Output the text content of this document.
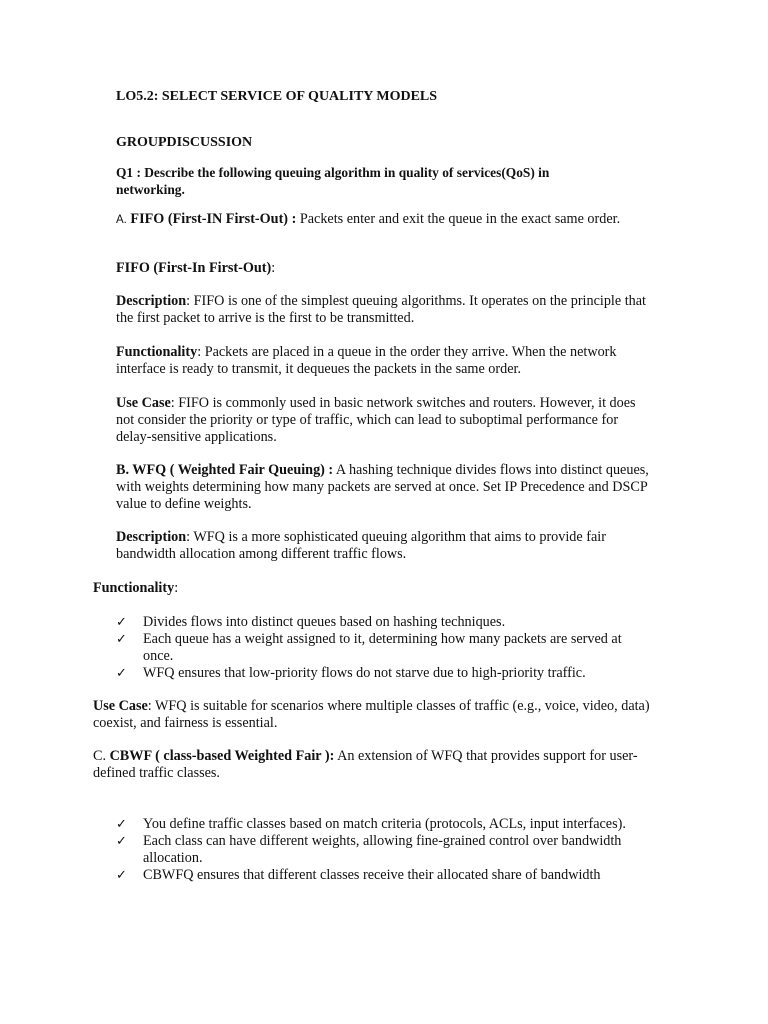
LO5.2: SELECT SERVICE OF QUALITY MODELS

GROUPDISCUSSION

Q1 : Describe the following queuing algorithm in quality of services(QoS) in networking.

A. FIFO (First-IN First-Out) : Packets enter and exit the queue in the exact same order.

FIFO (First-In First-Out):

Description: FIFO is one of the simplest queuing algorithms. It operates on the principle that the first packet to arrive is the first to be transmitted.

Functionality: Packets are placed in a queue in the order they arrive. When the network interface is ready to transmit, it dequeues the packets in the same order.

Use Case: FIFO is commonly used in basic network switches and routers. However, it does not consider the priority or type of traffic, which can lead to suboptimal performance for delay-sensitive applications.

B. WFQ ( Weighted Fair Queuing) : A hashing technique divides flows into distinct queues, with weights determining how many packets are served at once. Set IP Precedence and DSCP value to define weights.

Description: WFQ is a more sophisticated queuing algorithm that aims to provide fair bandwidth allocation among different traffic flows.

Functionality:

✓	Divides flows into distinct queues based on hashing techniques.
✓	Each queue has a weight assigned to it, determining how many packets are served at once.
✓	WFQ ensures that low-priority flows do not starve due to high-priority traffic.

Use Case: WFQ is suitable for scenarios where multiple classes of traffic (e.g., voice, video, data) coexist, and fairness is essential.

C. CBWF ( class-based Weighted Fair ): An extension of WFQ that provides support for user-defined traffic classes.

✓	You define traffic classes based on match criteria (protocols, ACLs, input interfaces).
✓	Each class can have different weights, allowing fine-grained control over bandwidth allocation.
✓	CBWFQ ensures that different classes receive their allocated share of bandwidth
